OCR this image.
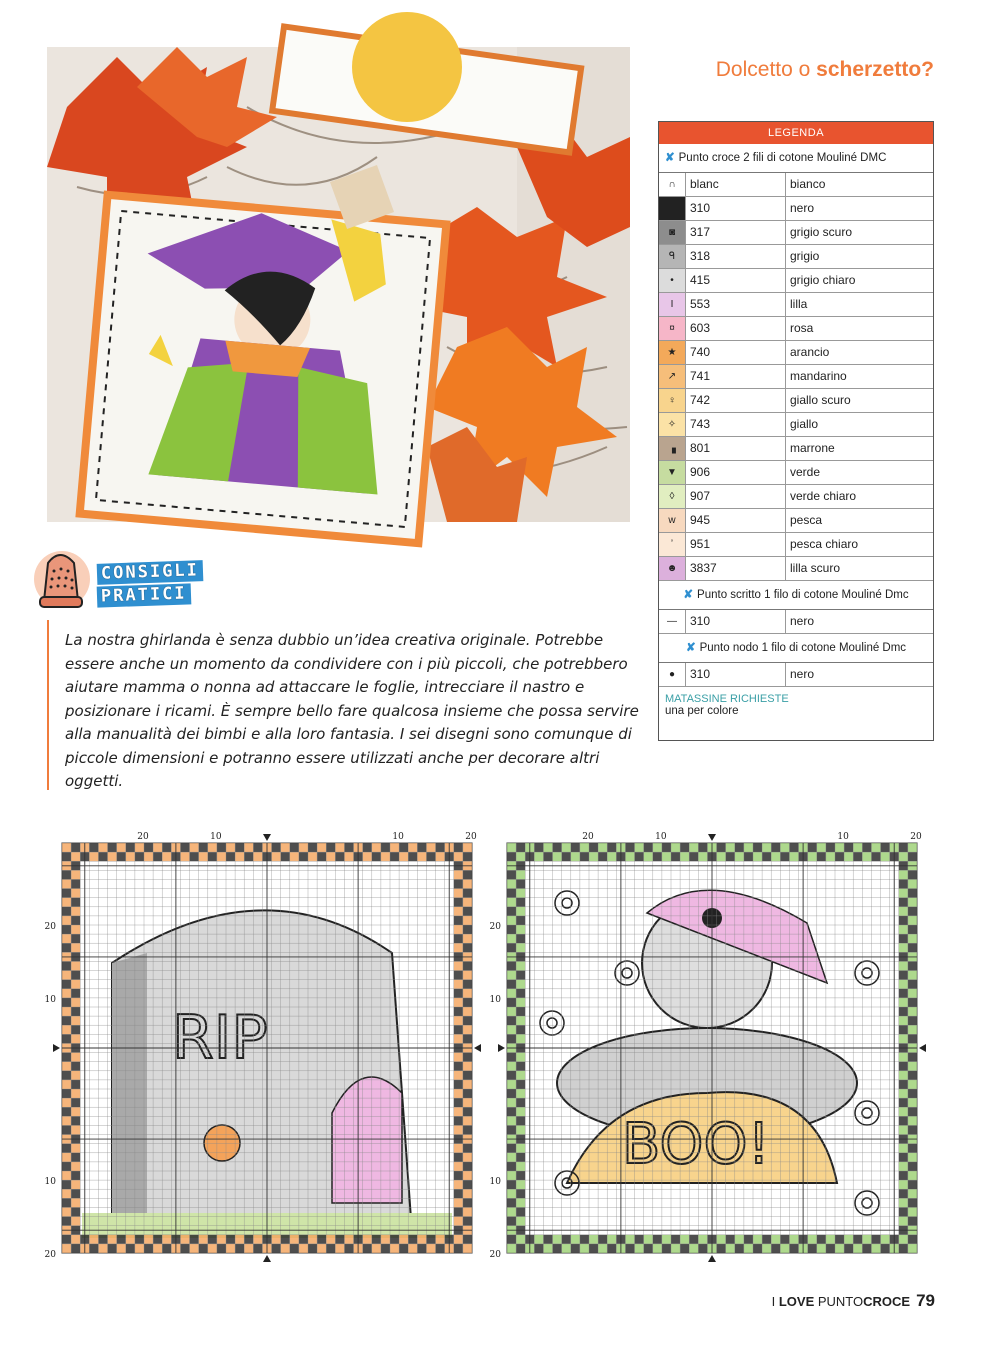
Dolcetto o scherzetto?
LEGENDA
✘ Punto croce 2 fili di cotone Mouliné DMC
∩	blanc	bianco
■	310	nero
◙	317	grigio scuro
ᑫ	318	grigio
•	415	grigio chiaro
I	553	lilla
¤	603	rosa
★	740	arancio
↗	741	mandarino
♀	742	giallo scuro
✧	743	giallo
▗	801	marrone
▼	906	verde
◊	907	verde chiaro
w	945	pesca
ʼ	951	pesca chiaro
☻	3837	lilla scuro
✘ Punto scritto 1 filo di cotone Mouliné Dmc
—	310	nero
✘ Punto nodo 1 filo di cotone Mouliné Dmc
●	310	nero
MATASSINE RICHIESTE
una per colore
CONSIGLI
PRATICI
La nostra ghirlanda è senza dubbio un’idea creativa originale. Potrebbe essere anche un momento da condividere con i più piccoli, che potrebbero aiutare mamma o nonna ad attaccare le foglie, intrecciare il nastro e posizionare i ricami. È sempre bello fare qualcosa insieme che possa servire alla manualità dei bimbi e alla loro fantasia. I sei disegni sono comunque di piccole dimensioni e potranno essere utilizzati anche per decorare altri oggetti.
RIP
20
20
10
10
10
10
20
20
BOO!
20
20
10
10
10
10
20
20
I LOVE PUNTOCROCE 79
